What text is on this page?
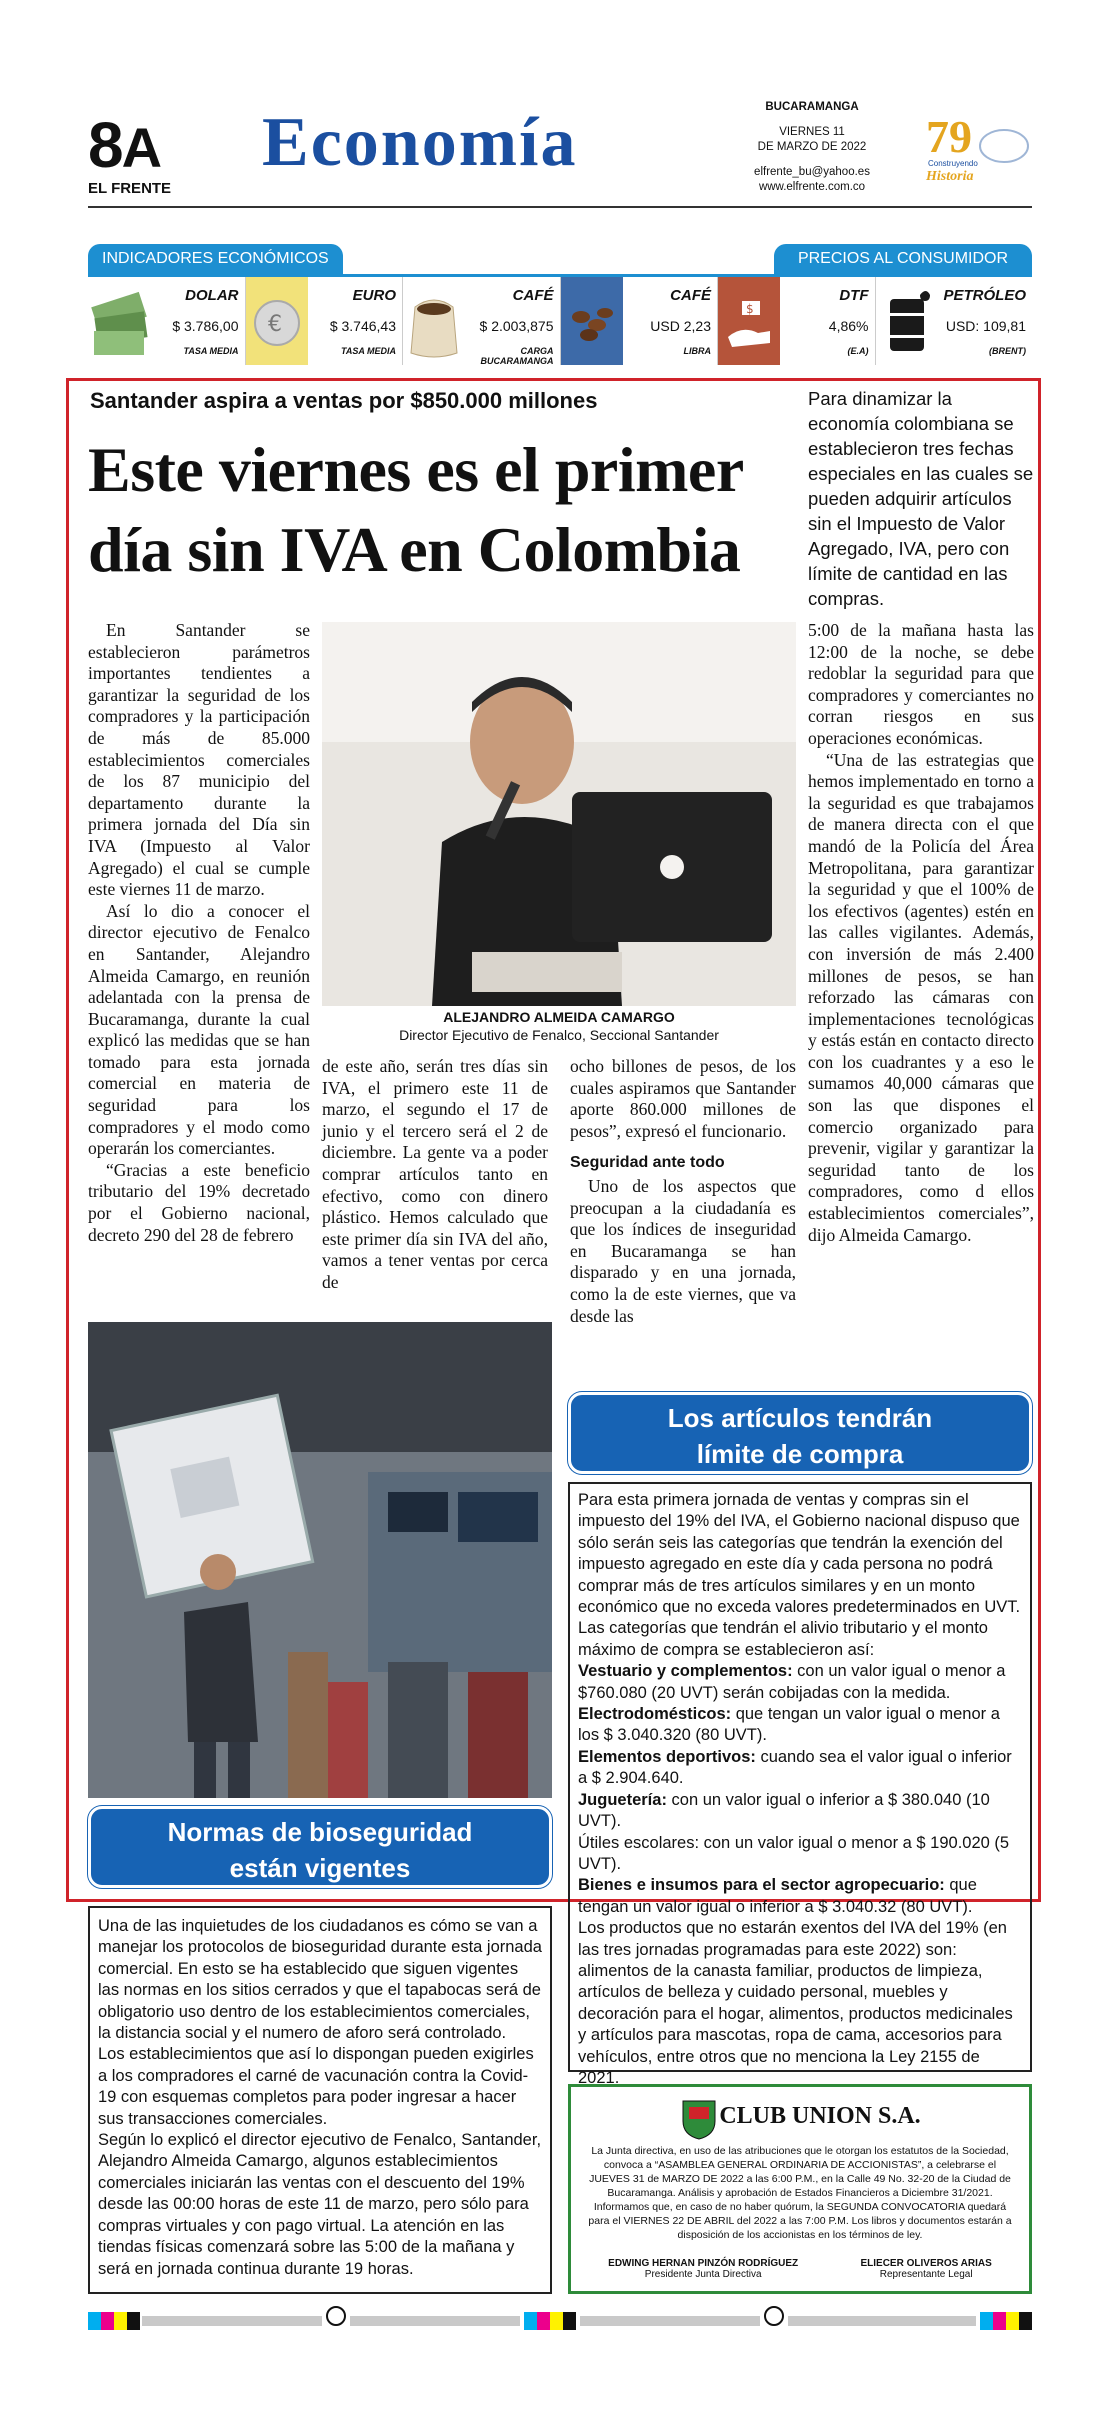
8A
EL FRENTE
Economía	BUCARAMANGA
VIERNES 11
DE MARZO DE 2022
elfrente_bu@yahoo.es
www.elfrente.com.co
79
Construyendo
Historia
INDICADORES ECONÓMICOS	PRECIOS AL CONSUMIDOR
DOLAR
$ 3.786,00
TASA MEDIA
€
EURO
$ 3.746,43
TASA MEDIA
CAFÉ
$ 2.003,875
CARGA BUCARAMANGA
CAFÉ
USD 2,23
LIBRA
$
DTF
4,86%
(E.A)
PETRÓLEO
USD: 109,81
(BRENT)
Santander aspira a ventas por $850.000 millones
Este viernes es el primer día sin IVA en Colombia
Para dinamizar la economía colombiana se establecieron tres fechas especiales en las cuales se pueden adquirir artículos sin el Impuesto de Valor Agregado, IVA, pero con límite de cantidad en las compras.

En Santander se establecieron parámetros importantes tendientes a garantizar la seguridad de los compradores y la participación de más de 85.000 establecimientos comerciales de los 87 municipio del departamento durante la primera jornada del Día sin IVA (Impuesto al Valor Agregado) el cual se cumple este viernes 11 de marzo.

Así lo dio a conocer el director ejecutivo de Fenalco en Santander, Alejandro Almeida Camargo, en reunión adelantada con la prensa de Bucaramanga, durante la cual explicó las medidas que se han tomado para esta jornada comercial en materia de seguridad para los compradores y el modo como operarán los comerciantes.

“Gracias a este beneficio tributario del 19% decretado por el Gobierno nacional, decreto 290 del 28 de febrero

ALEJANDRO ALMEIDA CAMARGO
Director Ejecutivo de Fenalco, Seccional Santander

de este año, serán tres días sin IVA, el primero este 11 de marzo, el segundo el 17 de junio y el tercero será el 2 de diciembre. La gente va a poder comprar artículos tanto en efectivo, como con dinero plástico. Hemos calculado que este primer día sin IVA del año, vamos a tener ventas por cerca de

ocho billones de pesos, de los cuales aspiramos que Santander aporte 860.000 millones de pesos”, expresó el funcionario.

Seguridad ante todo

Uno de los aspectos que preocupan a la ciudadanía es que los índices de inseguridad en Bucaramanga se han disparado y en una jornada, como la de este viernes, que va desde las

5:00 de la mañana hasta las 12:00 de la noche, se debe redoblar la seguridad para que compradores y comerciantes no corran riesgos en sus operaciones económicas.

“Una de las estrategias que hemos implementado en torno a la seguridad es que trabajamos de manera directa con el que mandó de la Policía del Área Metropolitana, para garantizar la seguridad y que el 100% de los efectivos (agentes) estén en las calles vigilantes. Además, con inversión de más 2.400 millones de pesos, se han reforzado las cámaras con implementaciones tecnológicas y estás están en contacto directo con los cuadrantes y a eso le sumamos 40,000 cámaras que son las que dispones el comercio organizado para prevenir, vigilar y garantizar la seguridad tanto de los compradores, como d ellos establecimientos comerciales”, dijo Almeida Camargo.

Los artículos tendrán
límite de compra

Para esta primera jornada de ventas y compras sin el impuesto del 19% del IVA, el Gobierno nacional dispuso que sólo serán seis las categorías que tendrán la exención del impuesto agregado en este día y cada persona no podrá comprar más de tres artículos similares y en un monto económico que no exceda valores predeterminados en UVT.

Las categorías que tendrán el alivio tributario y el monto máximo de compra se establecieron así:

Vestuario y complementos: con un valor igual o menor a $760.080 (20 UVT) serán cobijadas con la medida.

Electrodomésticos: que tengan un valor igual o menor a los $ 3.040.320 (80 UVT).

Elementos deportivos: cuando sea el valor igual o inferior a $ 2.904.640.

Juguetería: con un valor igual o inferior a $ 380.040 (10 UVT).

Útiles escolares: con un valor igual o menor a $ 190.020 (5 UVT).

Bienes e insumos para el sector agropecuario: que tengan un valor igual o inferior a $ 3.040.32 (80 UVT).

Los productos que no estarán exentos del IVA del 19% (en las tres jornadas programadas para este 2022) son: alimentos de la canasta familiar, productos de limpieza, artículos de belleza y cuidado personal, muebles y decoración para el hogar, alimentos, productos medicinales y artículos para mascotas, ropa de cama, accesorios para vehículos, entre otros que no menciona la Ley 2155 de 2021.

Normas de bioseguridad
están vigentes

Una de las inquietudes de los ciudadanos es cómo se van a manejar los protocolos de bioseguridad durante esta jornada comercial. En esto se ha establecido que siguen vigentes las normas en los sitios cerrados y que el tapabocas será de obligatorio uso dentro de los establecimientos comerciales, la distancia social y el numero de aforo será controlado.

Los establecimientos que así lo dispongan pueden exigirles a los compradores el carné de vacunación contra la Covid-19 con esquemas completos para poder ingresar a hacer sus transacciones comerciales.

Según lo explicó el director ejecutivo de Fenalco, Santander, Alejandro Almeida Camargo, algunos establecimientos comerciales iniciarán las ventas con el descuento del 19% desde las 00:00 horas de este 11 de marzo, pero sólo para compras virtuales y con pago virtual. La atención en las tiendas físicas comenzará sobre las 5:00 de la mañana y será en jornada continua durante 19 horas.

CLUB UNION S.A.
La Junta directiva, en uso de las atribuciones que le otorgan los estatutos de la Sociedad, convoca a “ASAMBLEA GENERAL ORDINARIA DE ACCIONISTAS”, a celebrarse el JUEVES 31 de MARZO DE 2022 a las 6:00 P.M., en la Calle 49 No. 32-20 de la Ciudad de Bucaramanga. Análisis y aprobación de Estados Financieros a Diciembre 31/2021. Informamos que, en caso de no haber quórum, la SEGUNDA CONVOCATORIA quedará para el VIERNES 22 DE ABRIL del 2022 a las 7:00 P.M. Los libros y documentos estarán a disposición de los accionistas en los términos de ley.
EDWING HERNAN PINZÓN RODRÍGUEZ
Presidente Junta Directiva
ELIECER OLIVEROS ARIAS
Representante Legal
